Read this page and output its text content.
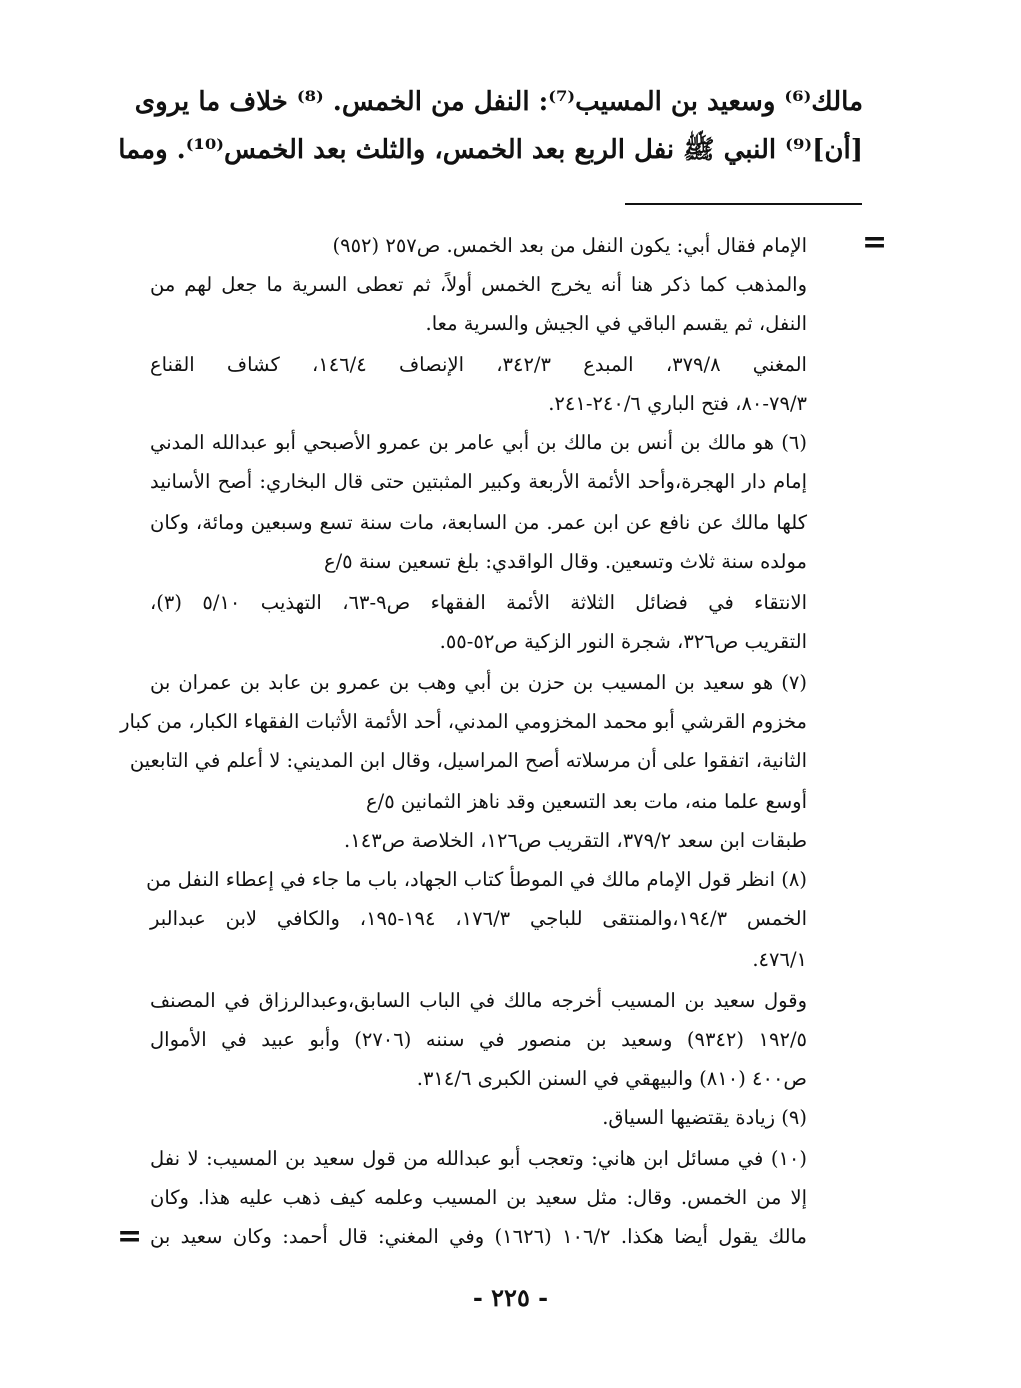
مالك⁽⁶⁾ وسعيد بن المسيب⁽⁷⁾: النفل من الخمس. ⁽⁸⁾ خلاف ما يروى
[أن]⁽⁹⁾ النبي ﷺ نفل الربع بعد الخمس، والثلث بعد الخمس⁽¹⁰⁾. ومما
=
الإمام فقال أبي: يكون النفل من بعد الخمس. ص٢٥٧ (٩٥٢)
والمذهب كما ذكر هنا أنه يخرج الخمس أولاً، ثم تعطى السرية ما جعل لهم من
النفل، ثم يقسم الباقي في الجيش والسرية معا.
المغني ٣٧٩/٨، المبدع ٣٤٢/٣، الإنصاف ١٤٦/٤، كشاف القناع
٧٩/٣-٨٠، فتح الباري ٢٤٠/٦-٢٤١.
(٦) هو مالك بن أنس بن مالك بن أبي عامر بن عمرو الأصبحي أبو عبدالله المدني
إمام دار الهجرة،وأحد الأئمة الأربعة وكبير المثبتين حتى قال البخاري: أصح الأسانيد
كلها مالك عن نافع عن ابن عمر. من السابعة، مات سنة تسع وسبعين ومائة، وكان
مولده سنة ثلاث وتسعين. وقال الواقدي: بلغ تسعين سنة ٥/ع
الانتقاء في فضائل الثلاثة الأئمة الفقهاء ص٩-٦٣، التهذيب ٥/١٠ (٣)،
التقريب ص٣٢٦، شجرة النور الزكية ص٥٢-٥٥.
(٧) هو سعيد بن المسيب بن حزن بن أبي وهب بن عمرو بن عابد بن عمران بن
مخزوم القرشي أبو محمد المخزومي المدني، أحد الأئمة الأثبات الفقهاء الكبار، من كبار
الثانية، اتفقوا على أن مرسلاته أصح المراسيل، وقال ابن المديني: لا أعلم في التابعين
أوسع علما منه، مات بعد التسعين وقد ناهز الثمانين ٥/ع
طبقات ابن سعد ٣٧٩/٢، التقريب ص١٢٦، الخلاصة ص١٤٣.
(٨) انظر قول الإمام مالك في الموطأ كتاب الجهاد، باب ما جاء في إعطاء النفل من
الخمس ١٩٤/٣،والمنتقى للباجي ١٧٦/٣، ١٩٤-١٩٥، والكافي لابن عبدالبر
٤٧٦/١.
وقول سعيد بن المسيب أخرجه مالك في الباب السابق،وعبدالرزاق في المصنف
١٩٢/٥ (٩٣٤٢) وسعيد بن منصور في سننه (٢٧٠٦) وأبو عبيد في الأموال
ص٤٠٠ (٨١٠) والبيهقي في السنن الكبرى ٣١٤/٦.
(٩) زيادة يقتضيها السياق.
(١٠) في مسائل ابن هاني: وتعجب أبو عبدالله من قول سعيد بن المسيب: لا نفل
إلا من الخمس. وقال: مثل سعيد بن المسيب وعلمه كيف ذهب عليه هذا. وكان
مالك يقول أيضا هكذا. ١٠٦/٢ (١٦٢٦) وفي المغني: قال أحمد: وكان سعيد بن
=
- ٢٢٥ -
